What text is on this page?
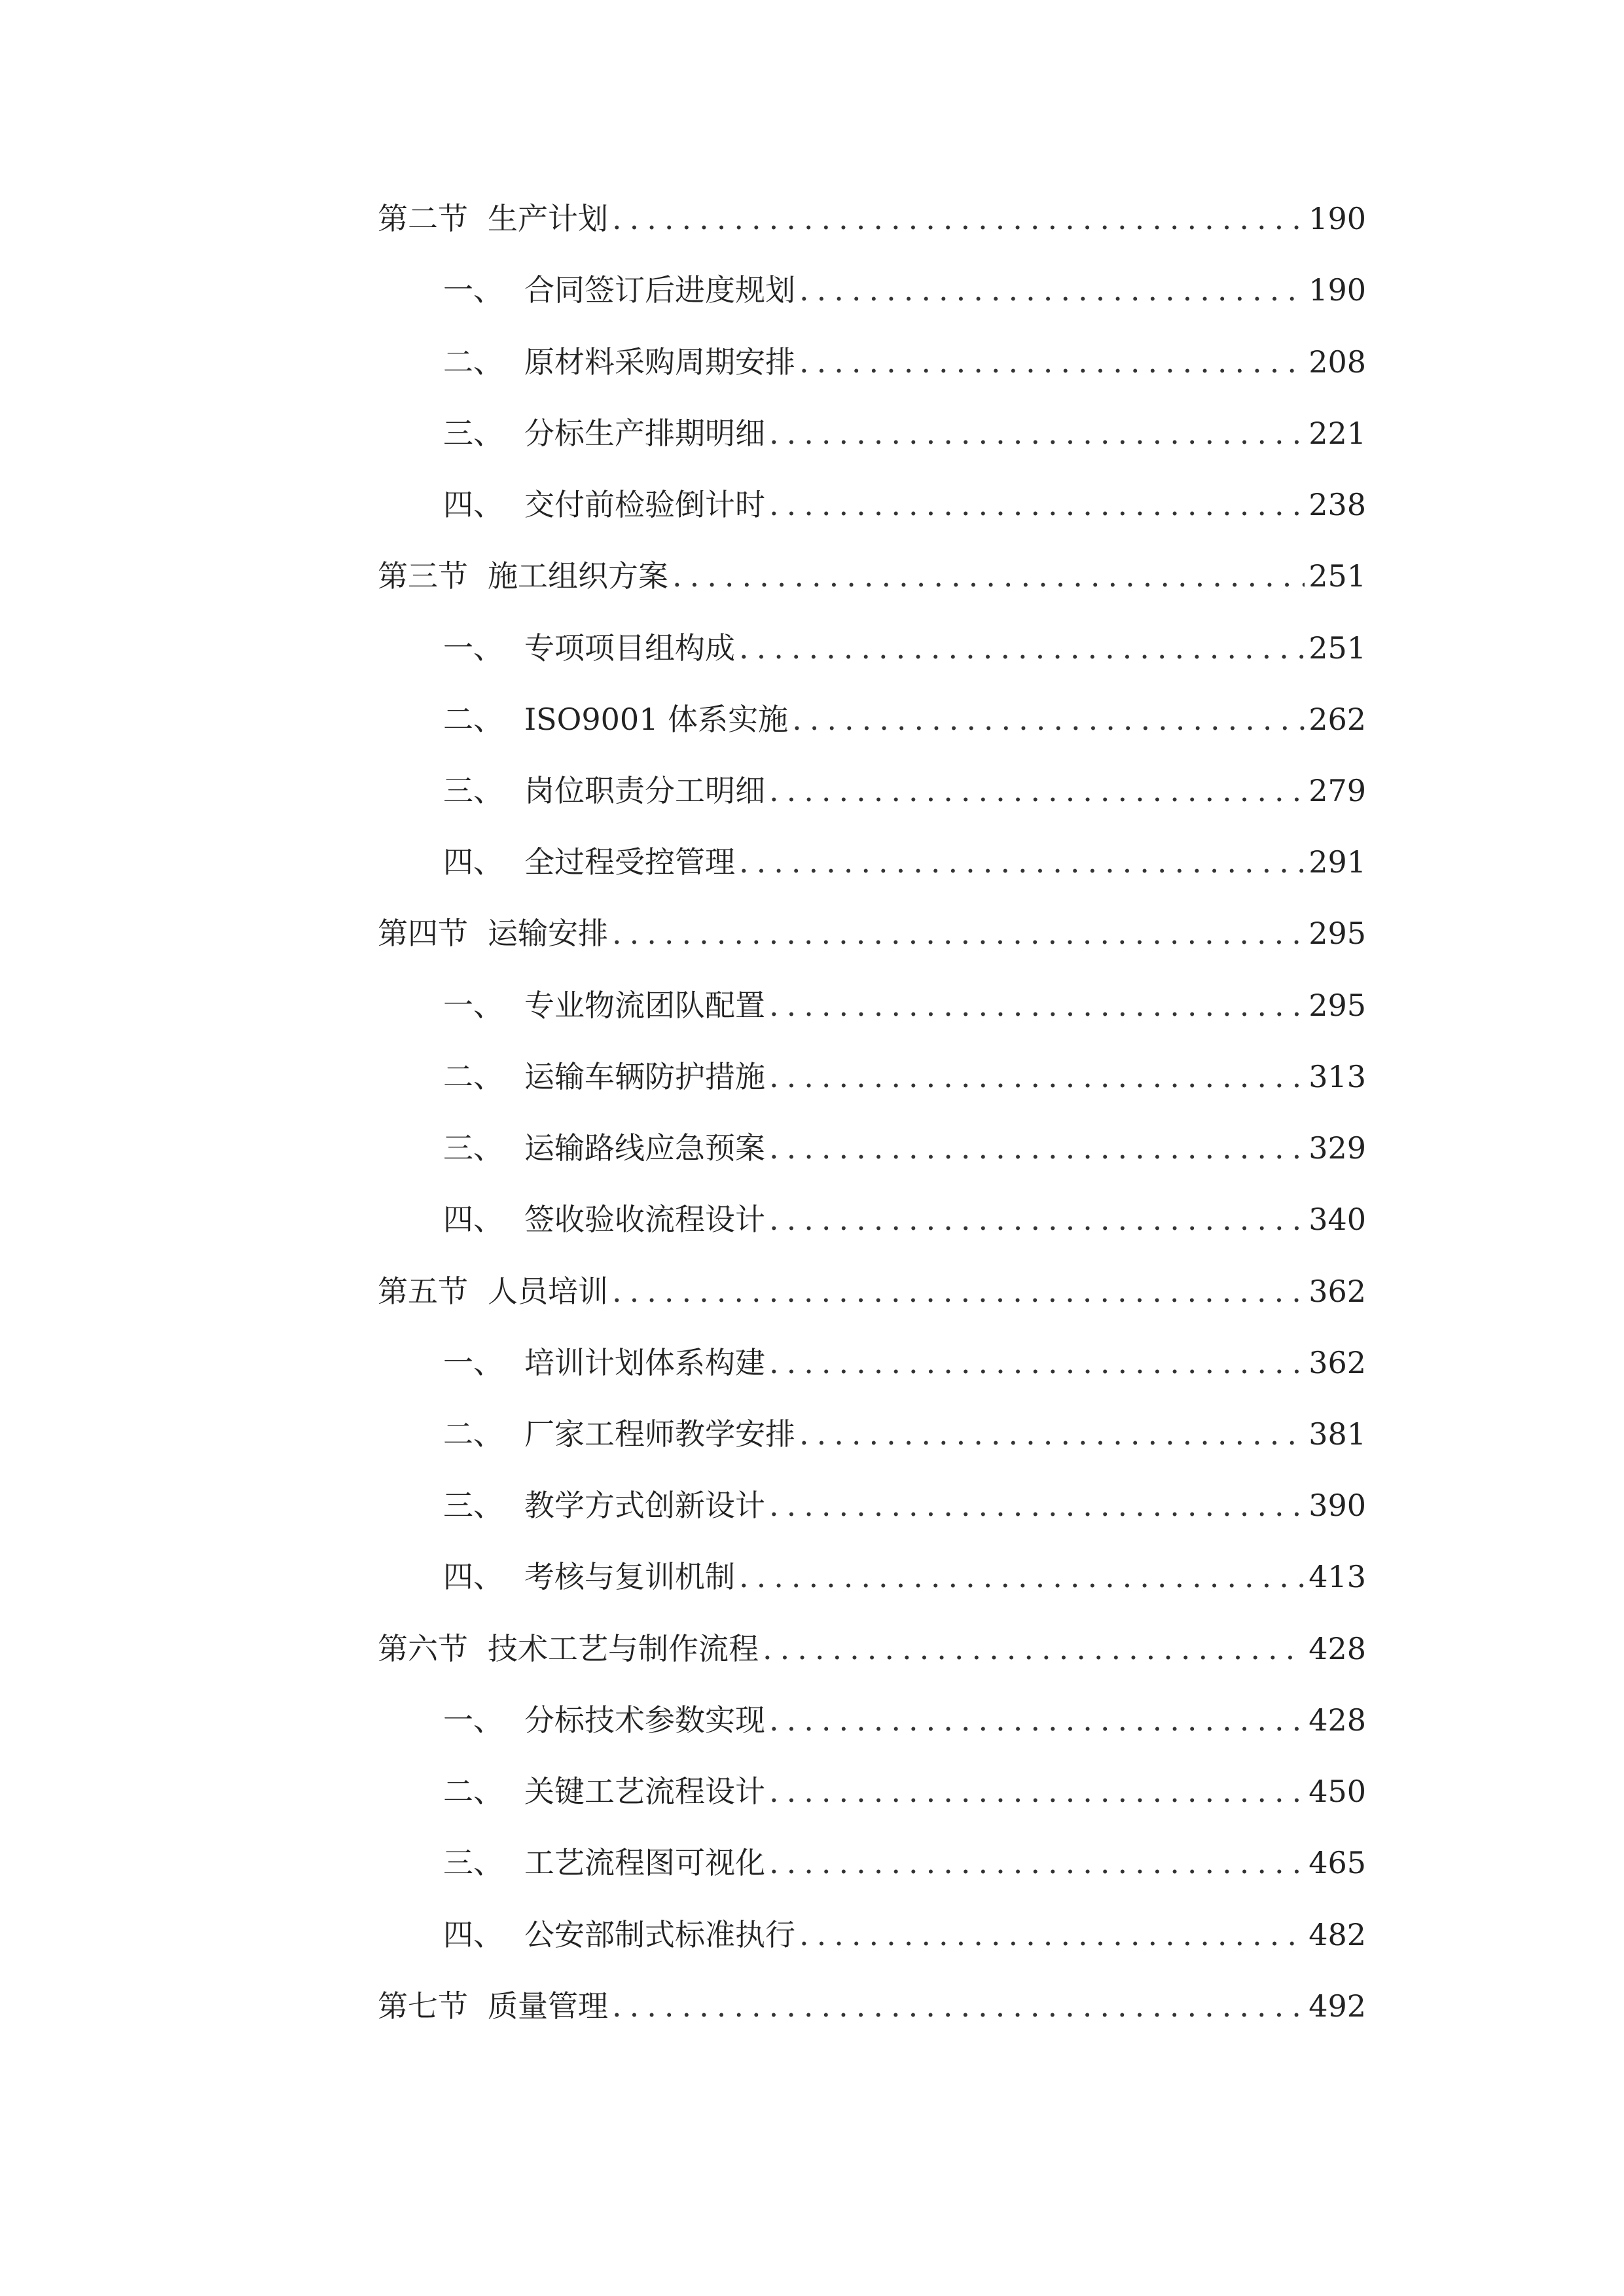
第二节 生产计划 .....	190
一、 合同签订后进度规划 .....	190
二、 原材料采购周期安排 .....	208
三、 分标生产排期明细 .....	221
四、 交付前检验倒计时 .....	238
第三节 施工组织方案 .....	251
一、 专项项目组构成 .....	251
二、 ISO9001 体系实施 .....	262
三、 岗位职责分工明细 .....	279
四、 全过程受控管理 .....	291
第四节 运输安排 .....	295
一、 专业物流团队配置 .....	295
二、 运输车辆防护措施 .....	313
三、 运输路线应急预案 .....	329
四、 签收验收流程设计 .....	340
第五节 人员培训 .....	362
一、 培训计划体系构建 .....	362
二、 厂家工程师教学安排 .....	381
三、 教学方式创新设计 .....	390
四、 考核与复训机制 .....	413
第六节 技术工艺与制作流程 .....	428
一、 分标技术参数实现 .....	428
二、 关键工艺流程设计 .....	450
三、 工艺流程图可视化 .....	465
四、 公安部制式标准执行 .....	482
第七节 质量管理 .....	492
